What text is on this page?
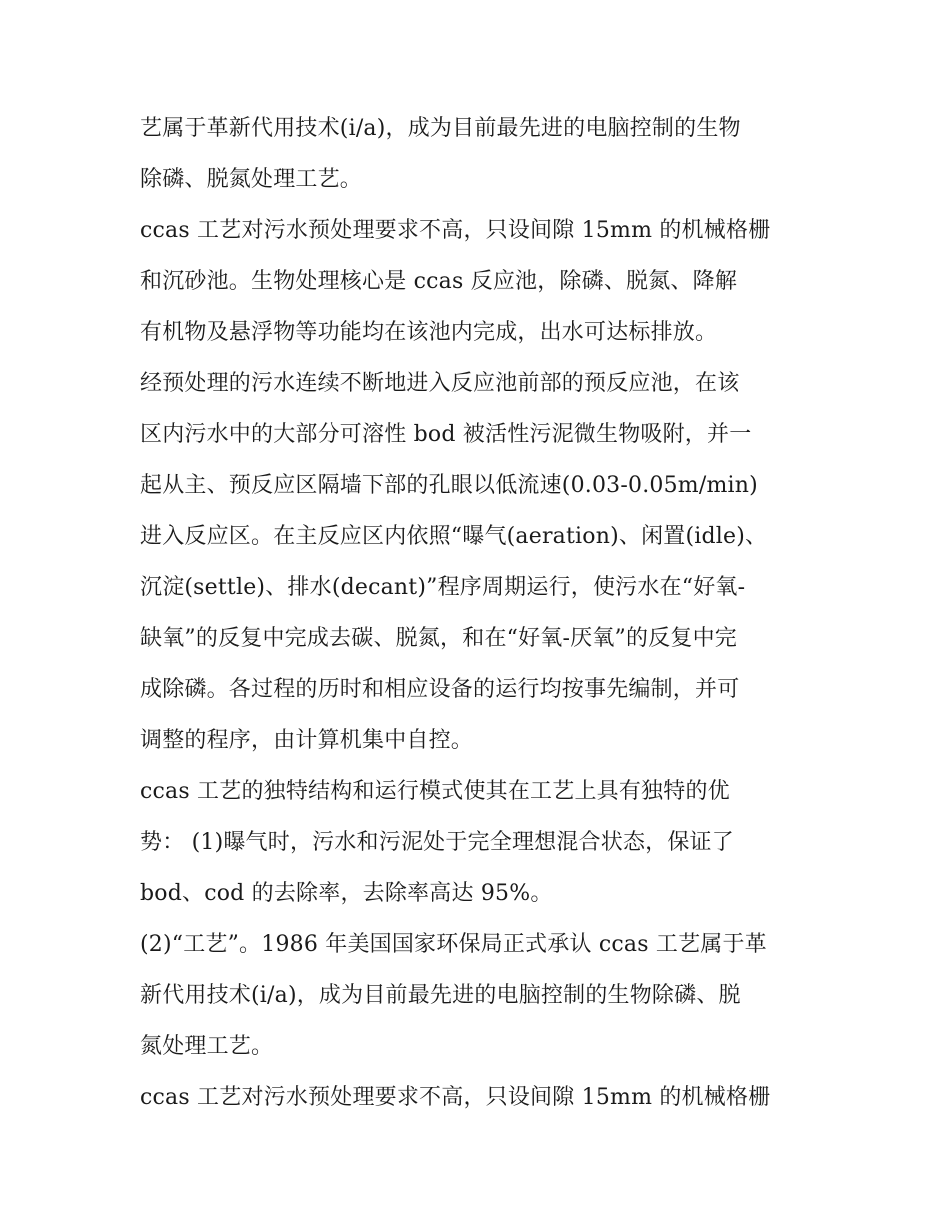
艺属于革新代用技术(i/a)，成为目前最先进的电脑控制的生物
除磷、脱氮处理工艺。
ccas 工艺对污水预处理要求不高，只设间隙 15mm 的机械格栅
和沉砂池。生物处理核心是 ccas 反应池，除磷、脱氮、降解
有机物及悬浮物等功能均在该池内完成，出水可达标排放。
经预处理的污水连续不断地进入反应池前部的预反应池，在该
区内污水中的大部分可溶性 bod 被活性污泥微生物吸附，并一
起从主、预反应区隔墙下部的孔眼以低流速(0.03-0.05m/min)
进入反应区。在主反应区内依照“曝气(aeration)、闲置(idle)、
沉淀(settle)、排水(decant)”程序周期运行，使污水在“好氧-
缺氧”的反复中完成去碳、脱氮，和在“好氧-厌氧”的反复中完
成除磷。各过程的历时和相应设备的运行均按事先编制，并可
调整的程序，由计算机集中自控。
ccas 工艺的独特结构和运行模式使其在工艺上具有独特的优
势： (1)曝气时，污水和污泥处于完全理想混合状态，保证了
bod、cod 的去除率，去除率高达 95%。
(2)“工艺”。1986 年美国国家环保局正式承认 ccas 工艺属于革
新代用技术(i/a)，成为目前最先进的电脑控制的生物除磷、脱
氮处理工艺。
ccas 工艺对污水预处理要求不高，只设间隙 15mm 的机械格栅
